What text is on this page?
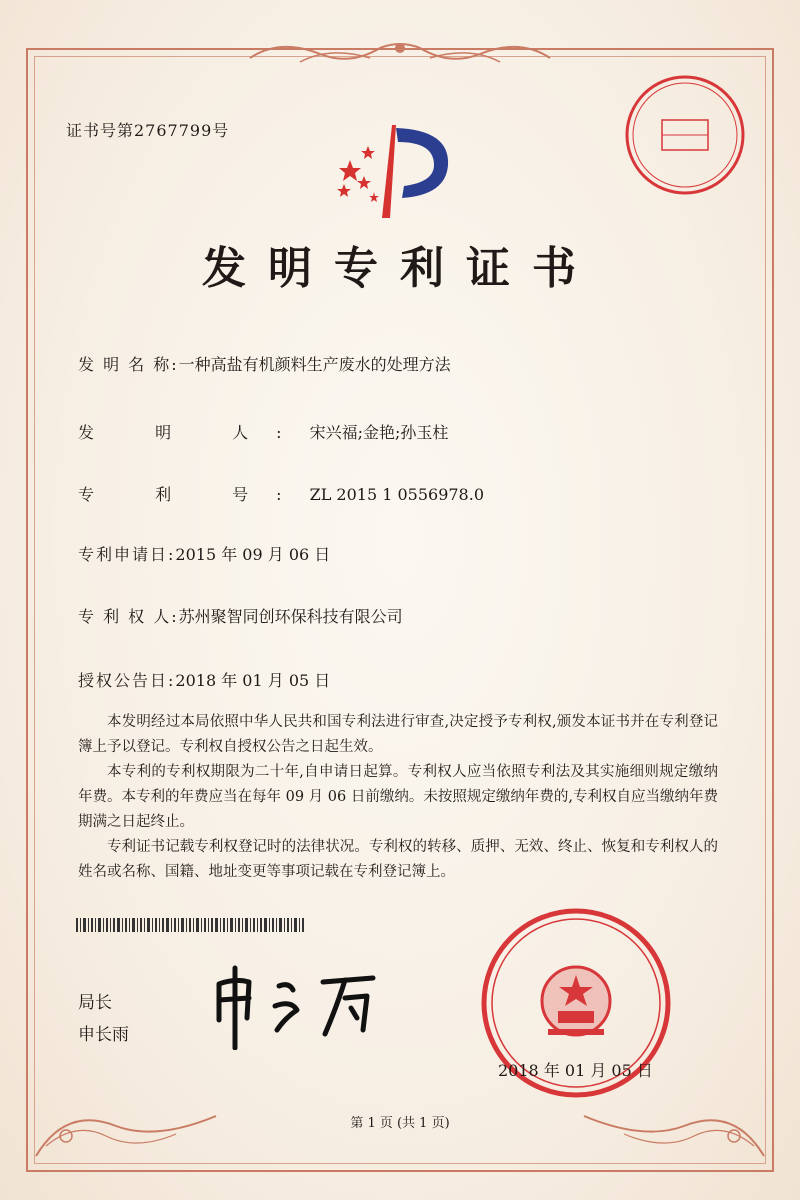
证书号第2767799号
发明专利证书
发 明 名 称:一种高盐有机颜料生产废水的处理方法
发 明 人:宋兴福;金艳;孙玉柱
专 利 号:ZL 2015 1 0556978.0
专利申请日:2015 年 09 月 06 日
专 利 权 人:苏州聚智同创环保科技有限公司
授权公告日:2018 年 01 月 05 日

本发明经过本局依照中华人民共和国专利法进行审查,决定授予专利权,颁发本证书并在专利登记簿上予以登记。专利权自授权公告之日起生效。

本专利的专利权期限为二十年,自申请日起算。专利权人应当依照专利法及其实施细则规定缴纳年费。本专利的年费应当在每年 09 月 06 日前缴纳。未按照规定缴纳年费的,专利权自应当缴纳年费期满之日起终止。

专利证书记载专利权登记时的法律状况。专利权的转移、质押、无效、终止、恢复和专利权人的姓名或名称、国籍、地址变更等事项记载在专利登记簿上。

局长
申长雨
2018 年 01 月 05 日
第 1 页 (共 1 页)
